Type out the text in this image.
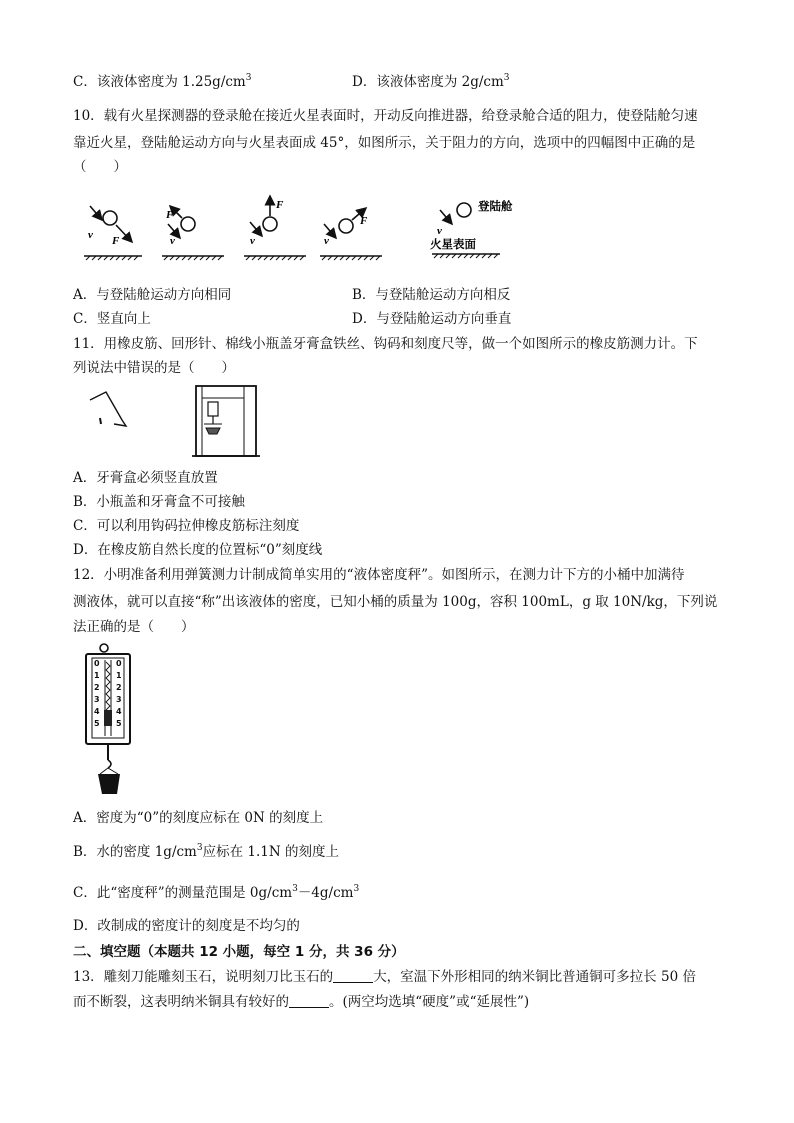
C．该液体密度为 $1.25g/cm^3$	D．该液体密度为 $2g/cm^3$
10．载有火星探测器的登录舱在接近火星表面时，开动反向推进器，给登录舱合适的阻力，使登陆舱匀速
靠近火星，登陆舱运动方向与火星表面成 45°，如图所示，关于阻力的方向，选项中的四幅图中正确的是
（　　）
v F
F
v
F
v
F
v
v
登陆舱
火星表面
A．与登陆舱运动方向相同	B．与登陆舱运动方向相反
C．竖直向上	D．与登陆舱运动方向垂直
11．用橡皮筋、回形针、棉线小瓶盖牙膏盒铁丝、钩码和刻度尺等，做一个如图所示的橡皮筋测力计。下
列说法中错误的是（　　）
A．牙膏盒必须竖直放置
B．小瓶盖和牙膏盒不可接触
C．可以利用钩码拉伸橡皮筋标注刻度
D．在橡皮筋自然长度的位置标“0”刻度线
12．小明准备利用弹簧测力计制成简单实用的“液体密度秤”。如图所示，在测力计下方的小桶中加满待
测液体，就可以直接“称”出该液体的密度，已知小桶的质量为 100g，容积 100mL，g 取 10N/kg，下列说
法正确的是（　　）
0
1
2
3
4
5
0
1
2
3
4
5
A．密度为“0”的刻度应标在 0N 的刻度上
B．水的密度 $1g/cm^3$应标在 1.1N 的刻度上
C．此“密度秤”的测量范围是 $0g/cm^3-4g/cm^3$
D．改制成的密度计的刻度是不均匀的
二、填空题（本题共 12 小题，每空 1 分，共 36 分）
13．雕刻刀能雕刻玉石，说明刻刀比玉石的	大，室温下外形相同的纳米铜比普通铜可多拉长 50 倍
而不断裂，这表明纳米铜具有较好的	。(两空均选填“硬度”或“延展性”)
